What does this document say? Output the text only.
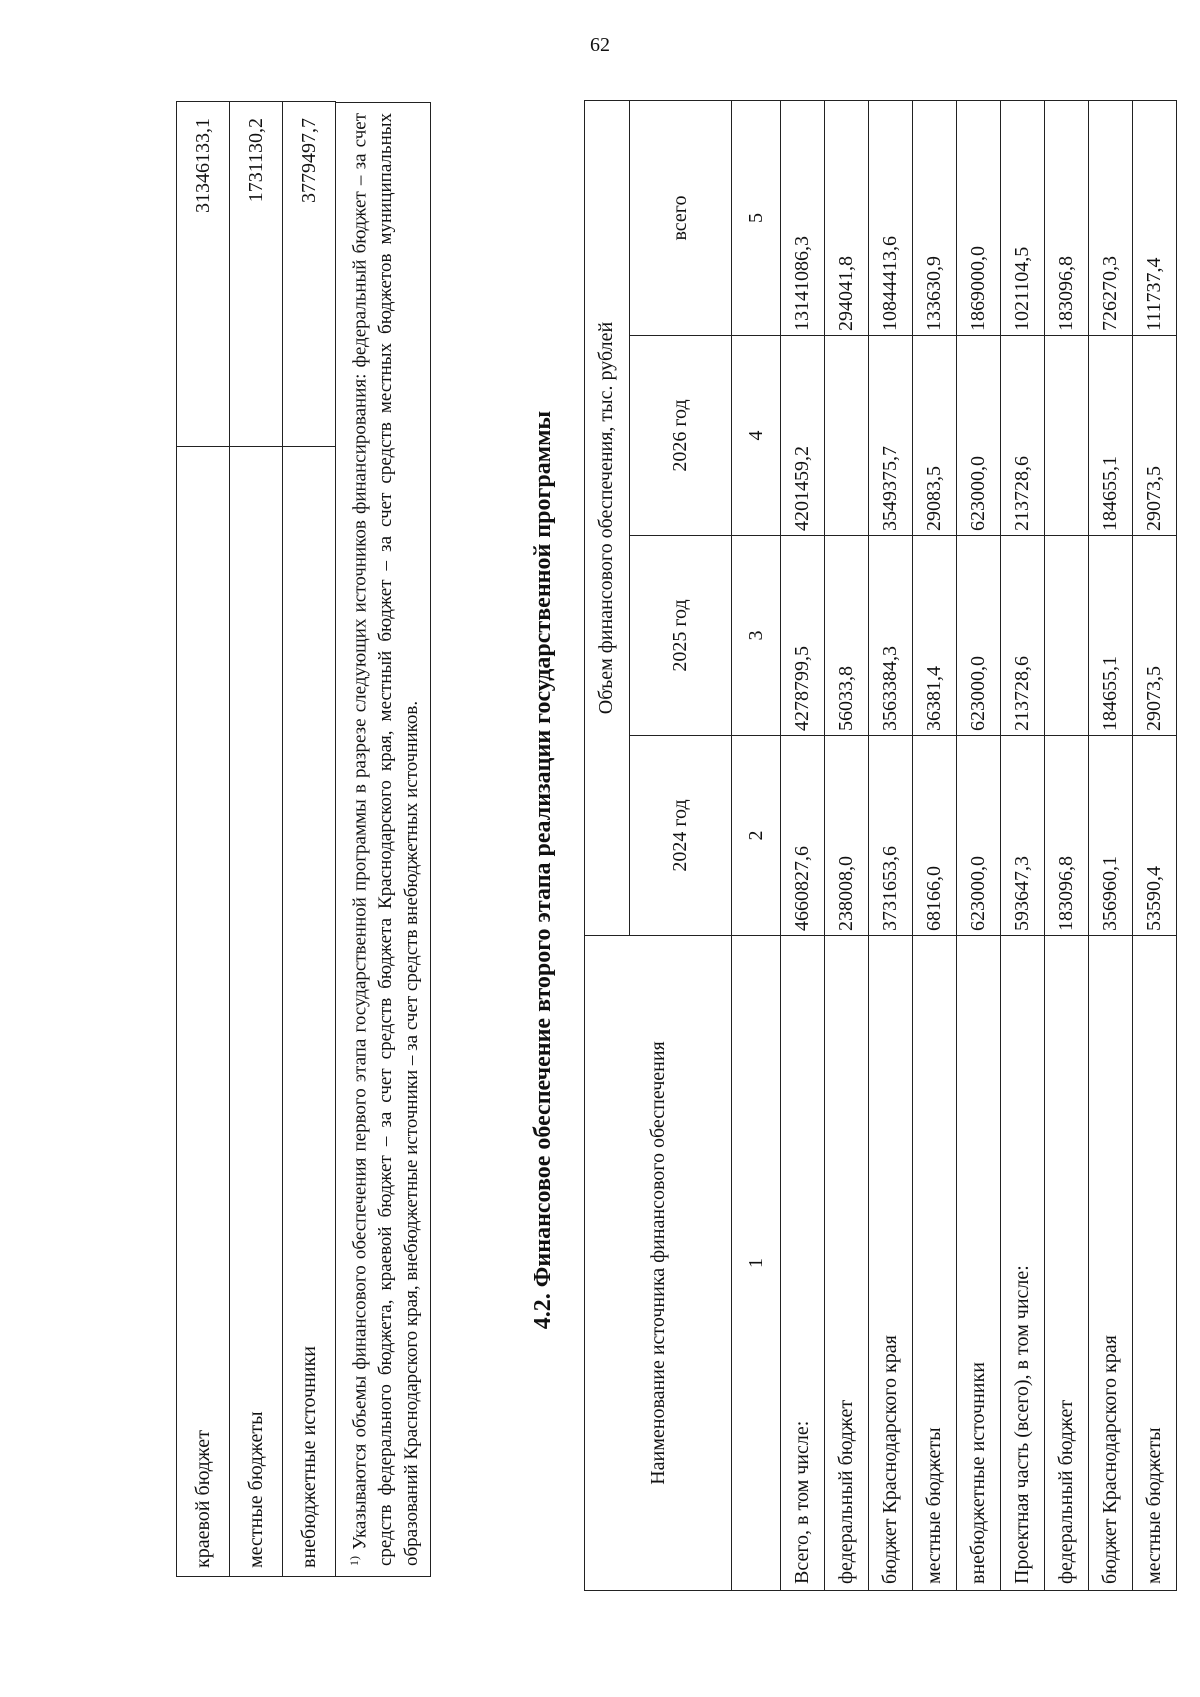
62
краевой бюджет	31346133,1
местные бюджеты	1731130,2
внебюджетные источники	3779497,7
$^{1)}$ Указываются объемы финансового обеспечения первого этапа государственной программы в разрезе следующих источников финансирования: федеральный бюджет – за счет средств федерального бюджета, краевой бюджет – за счет средств бюджета Краснодарского края, местный бюджет – за счет средств местных бюджетов муниципальных образований Краснодарского края, внебюджетные источники – за счет средств внебюджетных источников.	4.2. Финансовое обеспечение второго этапа реализации государственной программы	Наименование источника финансового обеспечения	Объем финансового обеспечения, тыс. рублей			
	2024 год	2025 год	2026 год	всего
1	2	3	4	5
Всего, в том числе:	4660827,6	4278799,5	4201459,2	13141086,3
федеральный бюджет	238008,0	56033,8		294041,8
бюджет Краснодарского края	3731653,6	3563384,3	3549375,7	10844413,6
местные бюджеты	68166,0	36381,4	29083,5	133630,9
внебюджетные источники	623000,0	623000,0	623000,0	1869000,0
Проектная часть (всего), в том числе:	593647,3	213728,6	213728,6	1021104,5
федеральный бюджет	183096,8			183096,8
бюджет Краснодарского края	356960,1	184655,1	184655,1	726270,3
местные бюджеты	53590,4	29073,5	29073,5	111737,4
